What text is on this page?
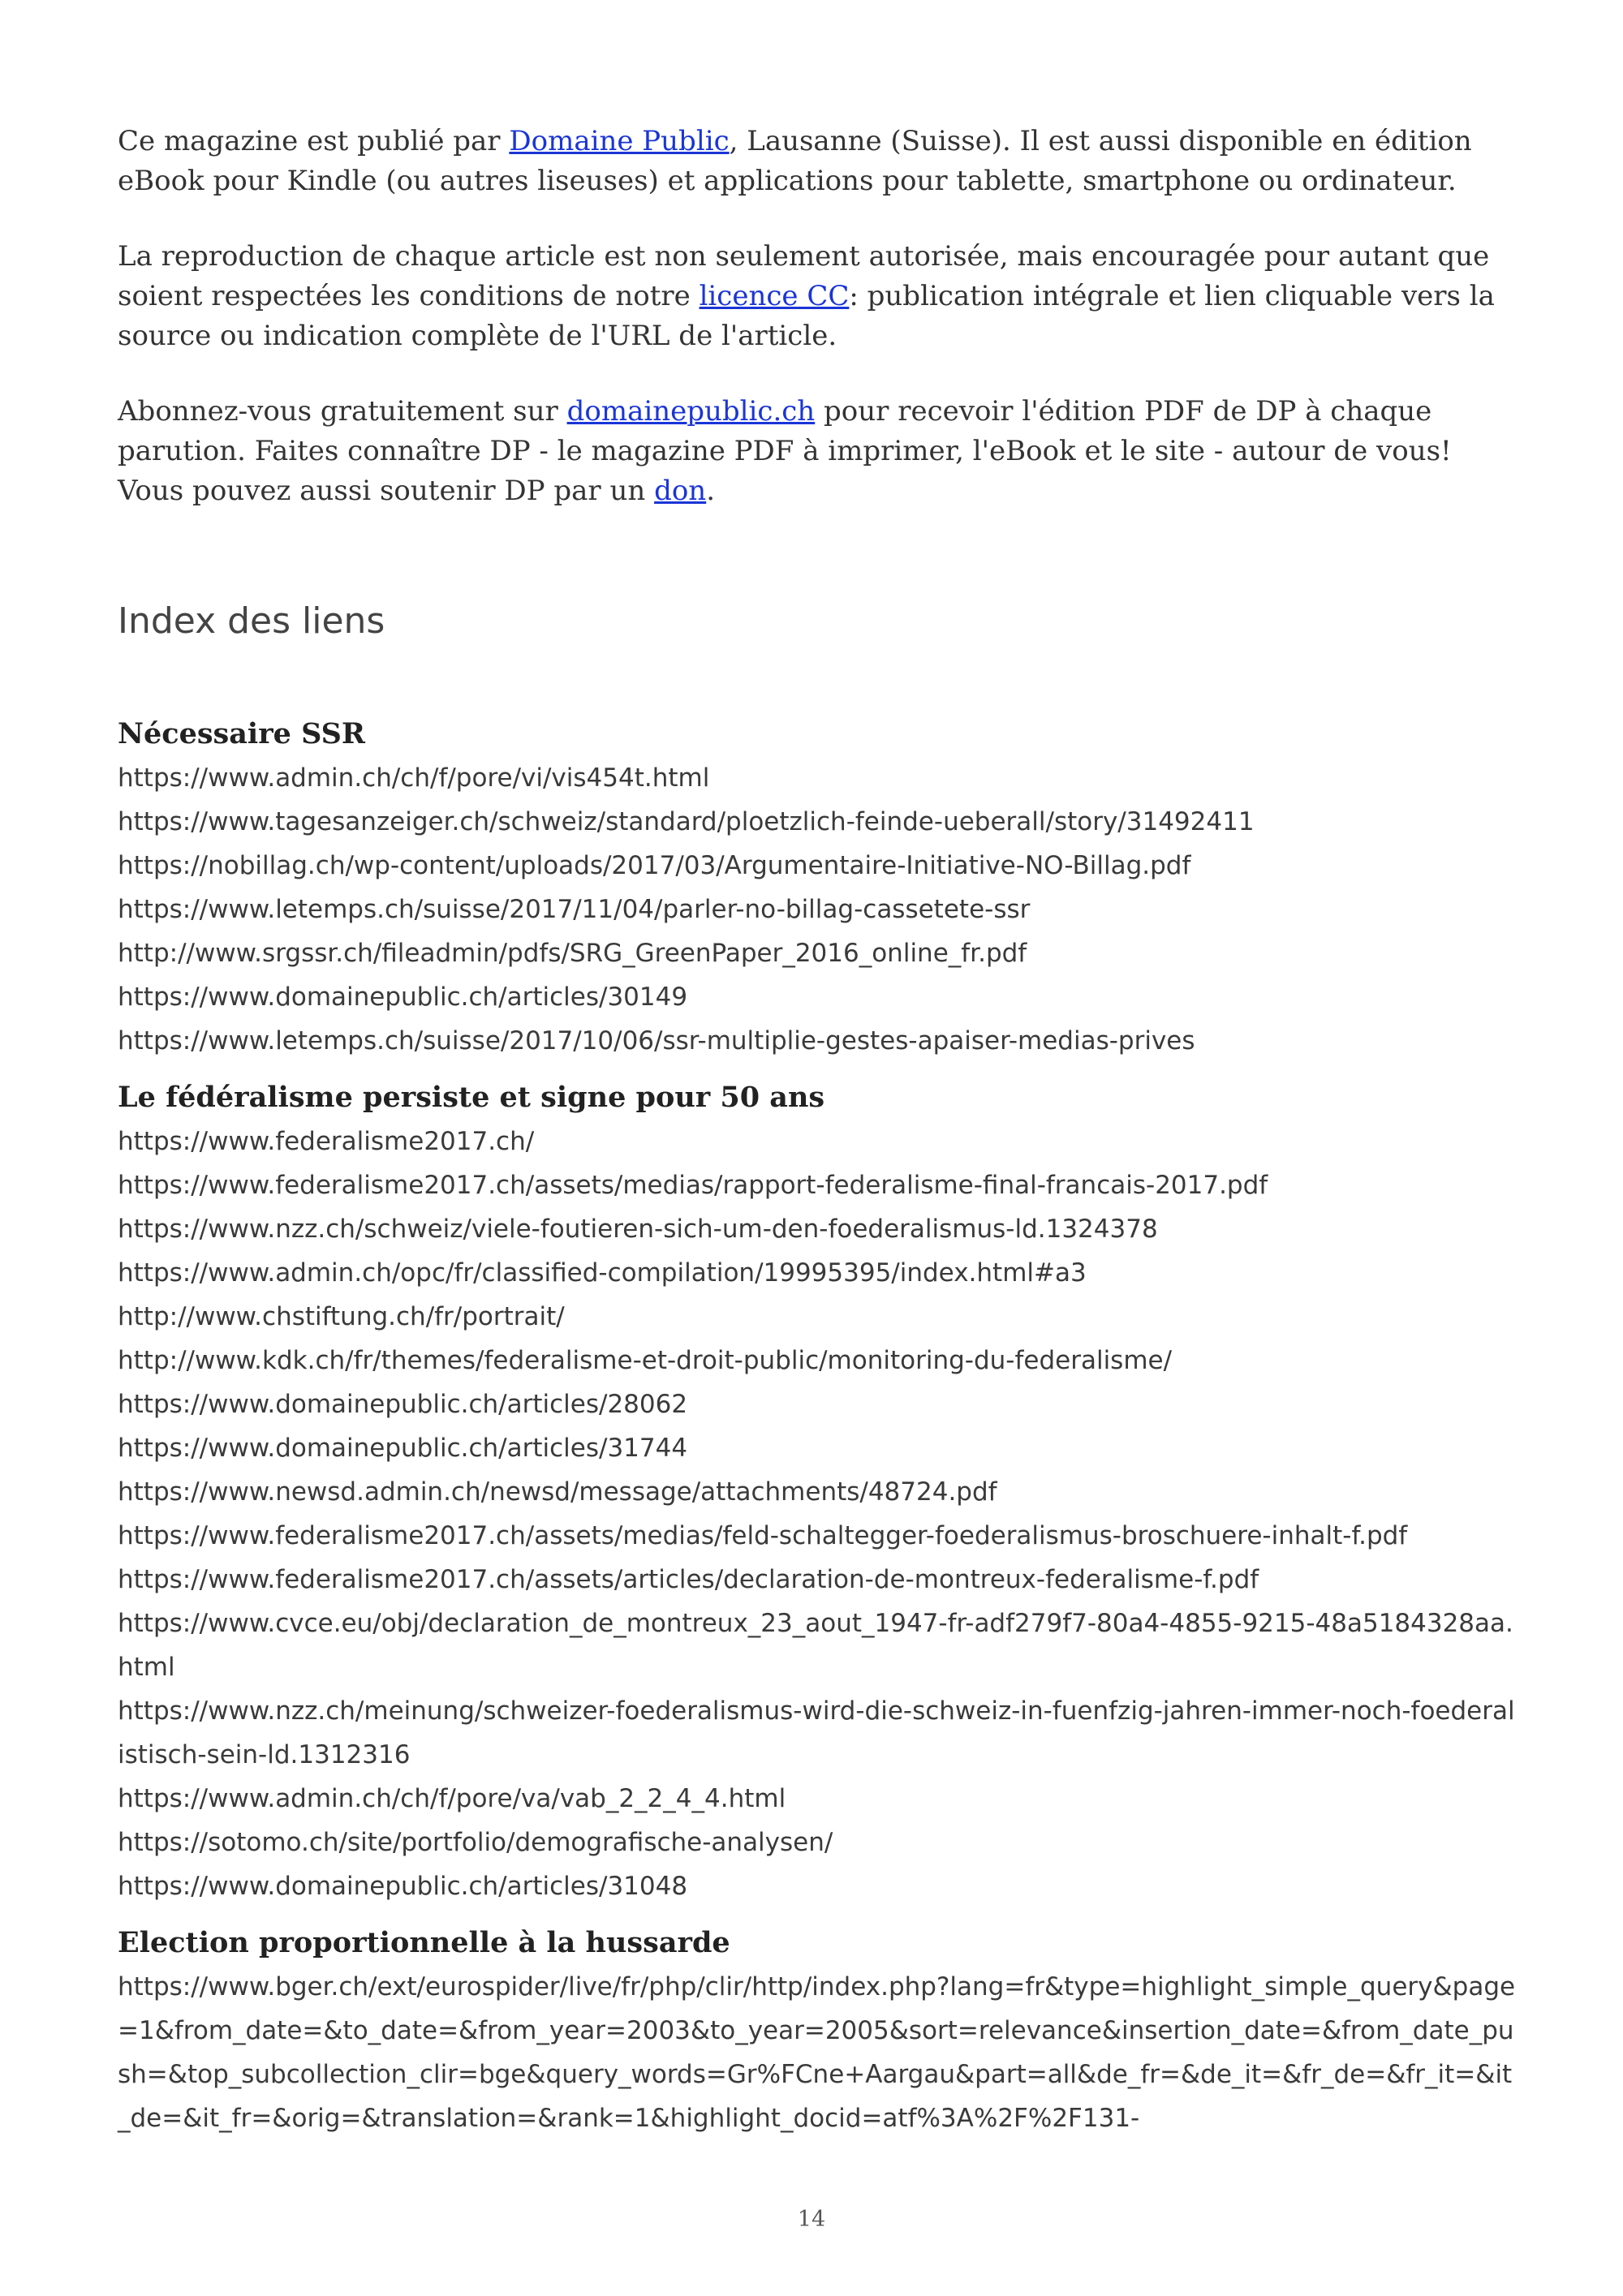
Ce magazine est publié par Domaine Public, Lausanne (Suisse). Il est aussi disponible en édition eBook pour Kindle (ou autres liseuses) et applications pour tablette, smartphone ou ordinateur.

La reproduction de chaque article est non seulement autorisée, mais encouragée pour autant que soient respectées les conditions de notre licence CC: publication intégrale et lien cliquable vers la source ou indication complète de l'URL de l'article.

Abonnez-vous gratuitement sur domainepublic.ch pour recevoir l'édition PDF de DP à chaque parution. Faites connaître DP - le magazine PDF à imprimer, l'eBook et le site - autour de vous! Vous pouvez aussi soutenir DP par un don.

Index des liens
Nécessaire SSR
https://www.admin.ch/ch/f/pore/vi/vis454t.html
https://www.tagesanzeiger.ch/schweiz/standard/ploetzlich-feinde-ueberall/story/31492411
https://nobillag.ch/wp-content/uploads/2017/03/Argumentaire-Initiative-NO-Billag.pdf
https://www.letemps.ch/suisse/2017/11/04/parler-no-billag-cassetete-ssr
http://www.srgssr.ch/fileadmin/pdfs/SRG_GreenPaper_2016_online_fr.pdf
https://www.domainepublic.ch/articles/30149
https://www.letemps.ch/suisse/2017/10/06/ssr-multiplie-gestes-apaiser-medias-prives
Le fédéralisme persiste et signe pour 50 ans
https://www.federalisme2017.ch/
https://www.federalisme2017.ch/assets/medias/rapport-federalisme-final-francais-2017.pdf
https://www.nzz.ch/schweiz/viele-foutieren-sich-um-den-foederalismus-ld.1324378
https://www.admin.ch/opc/fr/classified-compilation/19995395/index.html#a3
http://www.chstiftung.ch/fr/portrait/
http://www.kdk.ch/fr/themes/federalisme-et-droit-public/monitoring-du-federalisme/
https://www.domainepublic.ch/articles/28062
https://www.domainepublic.ch/articles/31744
https://www.newsd.admin.ch/newsd/message/attachments/48724.pdf
https://www.federalisme2017.ch/assets/medias/feld-schaltegger-foederalismus-broschuere-inhalt-f.pdf
https://www.federalisme2017.ch/assets/articles/declaration-de-montreux-federalisme-f.pdf
https://www.cvce.eu/obj/declaration_de_montreux_23_aout_1947-fr-adf279f7-80a4-4855-9215-48a5184328aa.html
https://www.nzz.ch/meinung/schweizer-foederalismus-wird-die-schweiz-in-fuenfzig-jahren-immer-noch-foederalistisch-sein-ld.1312316
https://www.admin.ch/ch/f/pore/va/vab_2_2_4_4.html
https://sotomo.ch/site/portfolio/demografische-analysen/
https://www.domainepublic.ch/articles/31048
Election proportionnelle à la hussarde
https://www.bger.ch/ext/eurospider/live/fr/php/clir/http/index.php?lang=fr&type=highlight_simple_query&page=1&from_date=&to_date=&from_year=2003&to_year=2005&sort=relevance&insertion_date=&from_date_push=&top_subcollection_clir=bge&query_words=Gr%FCne+Aargau&part=all&de_fr=&de_it=&fr_de=&fr_it=&it_de=&it_fr=&orig=&translation=&rank=1&highlight_docid=atf%3A%2F%2F131-
14
